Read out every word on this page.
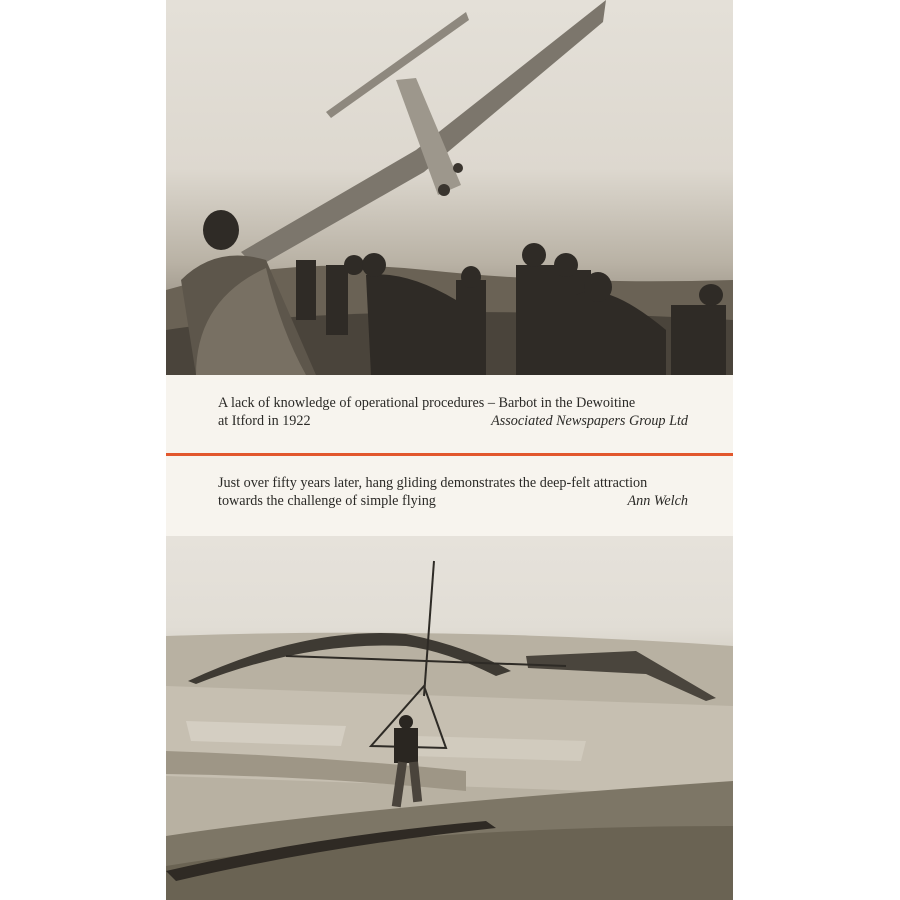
A lack of knowledge of operational procedures – Barbot in the Dewoitine
at Itford in 1922	Associated Newspapers Group Ltd
Just over fifty years later, hang gliding demonstrates the deep-felt attraction
towards the challenge of simple flying	Ann Welch
